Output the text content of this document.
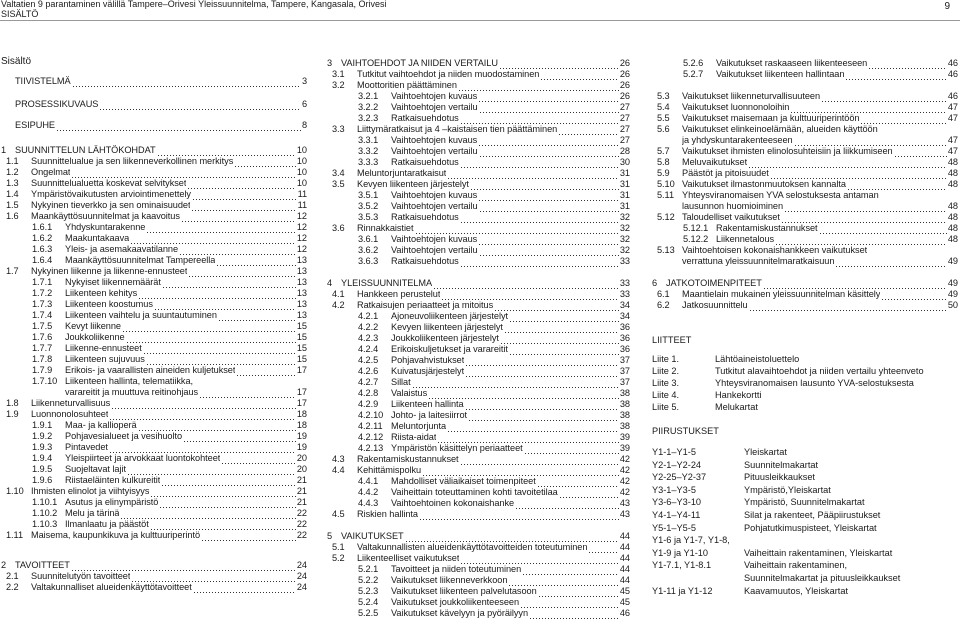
Valtatien 9 parantaminen välillä Tampere–Orivesi Yleissuunnitelma, Tampere, Kangasala, Orivesi
SISÄLTÖ
9
Sisältö
TIIVISTELMÄ	3
PROSESSIKUVAUS	6
ESIPUHE	8
1 SUUNNITTELUN LÄHTÖKOHDAT	10
1.1	Suunnittelualue ja sen liikenneverkollinen merkitys	10
1.2	Ongelmat	10
1.3	Suunnittelualuetta koskevat selvitykset	10
1.4	Ympäristövaikutusten arviointimenettely	11
1.5	Nykyinen tieverkko ja sen ominaisuudet	11
1.6	Maankäyttösuunnitelmat ja kaavoitus	12
1.6.1	Yhdyskuntarakenne	12
1.6.2	Maakuntakaava	12
1.6.3	Yleis- ja asemakaavatilanne	12
1.6.4	Maankäyttösuunnitelmat Tampereella	13
1.7	Nykyinen liikenne ja liikenne-ennusteet	13
1.7.1	Nykyiset liikennemäärät	13
1.7.2	Liikenteen kehitys	13
1.7.3	Liikenteen koostumus	13
1.7.4	Liikenteen vaihtelu ja suuntautuminen	13
1.7.5	Kevyt liikenne	15
1.7.6	Joukkoliikenne	15
1.7.7	Liikenne-ennusteet	15
1.7.8	Liikenteen sujuvuus	15
1.7.9	Erikois- ja vaarallisten aineiden kuljetukset	17
1.7.10 Liikenteen hallinta, telematiikka,
varareitit ja muuttuva reitinohjaus	17
1.8	Liikenneturvallisuus	17
1.9	Luonnonolosuhteet	18
1.9.1	Maa- ja kallioperä	18
1.9.2	Pohjavesialueet ja vesihuolto	19
1.9.3	Pintavedet	19
1.9.4	Yleispiirteet ja arvokkaat luontokohteet	20
1.9.5	Suojeltavat lajit	20
1.9.6	Riistaeläinten kulkureitit	21
1.10 Ihmisten elinolot ja viihtyisyys	21
1.10.1 Asutus ja elinympäristö	21
1.10.2 Melu ja tärinä	22
1.10.3 Ilmanlaatu ja päästöt	22
1.11 Maisema, kaupunkikuva ja kulttuuriperintö	22
2 TAVOITTEET	24
2.1	Suunnitelutyön tavoitteet	24
2.2	Valtakunnalliset alueidenkäyttötavoitteet	24
3 VAIHTOEHDOT JA NIIDEN VERTAILU	26
3.1	Tutkitut vaihtoehdot ja niiden muodostaminen	26
3.2	Moottoritien päättäminen	26
3.2.1	Vaihtoehtojen kuvaus	26
3.2.2	Vaihtoehtojen vertailu	27
3.2.3	Ratkaisuehdotus	27
3.3	Liittymäratkaisut ja 4 –kaistaisen tien päättäminen	27
3.3.1	Vaihtoehtojen kuvaus	27
3.3.2	Vaihtoehtojen vertailu	28
3.3.3	Ratkaisuehdotus	30
3.4	Meluntorjuntaratkaisut	31
3.5	Kevyen liikenteen järjestelyt	31
3.5.1	Vaihtoehtojen kuvaus	31
3.5.2	Vaihtoehtojen vertailu	31
3.5.3	Ratkaisuehdotus	32
3.6	Rinnakkaistiet	32
3.6.1	Vaihtoehtojen kuvaus	32
3.6.2	Vaihtoehtojen vertailu	32
3.6.3	Ratkaisuehdotus	33
4 YLEISSUUNNITELMA	33
4.1	Hankkeen perustelut	33
4.2	Ratkaisujen periaatteet ja mitoitus	34
4.2.1	Ajoneuvoliikenteen järjestelyt	34
4.2.2	Kevyen liikenteen järjestelyt	36
4.2.3	Joukkoliikenteen järjestelyt	36
4.2.4	Erikoiskuljetukset ja varareitit	36
4.2.5	Pohjavahvistukset	37
4.2.6	Kuivatusjärjestelyt	37
4.2.7	Sillat	37
4.2.8	Valaistus	38
4.2.9	Liikenteen hallinta	38
4.2.10 Johto- ja laitesiirrot	38
4.2.11 Meluntorjunta	38
4.2.12 Riista-aidat	39
4.2.13 Ympäristön käsittelyn periaatteet	39
4.3	Rakentamiskustannukset	42
4.4	Kehittämispolku	42
4.4.1	Mahdolliset väliaikaiset toimenpiteet	42
4.4.2	Vaiheittain toteuttaminen kohti tavoitetilaa	42
4.4.3	Vaihtoehtoinen kokonaishanke	43
4.5	Riskien hallinta	43
5 VAIKUTUKSET	44
5.1	Valtakunnallisten alueidenkäyttötavoitteiden toteutuminen	44
5.2	Liikenteelliset vaikutukset	44
5.2.1	Tavoitteet ja niiden toteutuminen	44
5.2.2	Vaikutukset liikenneverkkoon	44
5.2.3	Vaikutukset liikenteen palvelutasoon	45
5.2.4	Vaikutukset joukkoliikenteeseen	45
5.2.5	Vaikutukset kävelyyn ja pyöräilyyn	46
5.2.6	Vaikutukset raskaaseen liikenteeseen	46
5.2.7	Vaikutukset liikenteen hallintaan	46
5.3	Vaikutukset liikenneturvallisuuteen	46
5.4	Vaikutukset luonnonoloihin	47
5.5	Vaikutukset maisemaan ja kulttuuriperintöön	47
5.6	Vaikutukset elinkeinoelämään, alueiden käyttöön
ja yhdyskuntarakenteeseen	47
5.7	Vaikutukset ihmisten elinolosuhteisiin ja liikkumiseen	47
5.8	Meluvaikutukset	48
5.9	Päästöt ja pitoisuudet	48
5.10 Vaikutukset ilmastonmuutoksen kannalta	48
5.11 Yhteysviranomaisen YVA selostuksesta antaman
lausunnon huomioiminen	48
5.12 Taloudelliset vaikutukset	48
5.12.1 Rakentamiskustannukset	48
5.12.2 Liikennetalous	48
5.13 Vaihtoehtoisen kokonaishankkeen vaikutukset
verrattuna yleissuunnitelmaratkaisuun	49
6 JATKOTOIMENPITEET	49
6.1	Maantielain mukainen yleissuunnitelman käsittely	49
6.2	Jatkosuunnittelu	50
LIITTEET
Liite 1.	Lähtöaineistoluettelo
Liite 2.	Tutkitut alavaihtoehdot ja niiden vertailu yhteenveto
Liite 3.	Yhteysviranomaisen lausunto YVA-selostuksesta
Liite 4.	Hankekortti
Liite 5.	Melukartat
PIIRUSTUKSET
Y1-1–Y1-5	Yleiskartat
Y2-1–Y2-24	Suunnitelmakartat
Y2-25–Y2-37	Pituusleikkaukset
Y3-1–Y3-5	Ympäristö,Yleiskartat
Y3-6–Y3-10	Ympäristö, Suunnitelmakartat
Y4-1–Y4-11	Silat ja rakenteet, Pääpiirustukset
Y5-1–Y5-5	Pohjatutkimuspisteet, Yleiskartat
Y1-6 ja Y1-7, Y1-8,
Y1-9 ja Y1-10	Vaiheittain rakentaminen, Yleiskartat
Y1-7.1, Y1-8.1	Vaiheittain rakentaminen,
Suunnitelmakartat ja pituusleikkaukset
Y1-11 ja Y1-12	Kaavamuutos, Yleiskartat
